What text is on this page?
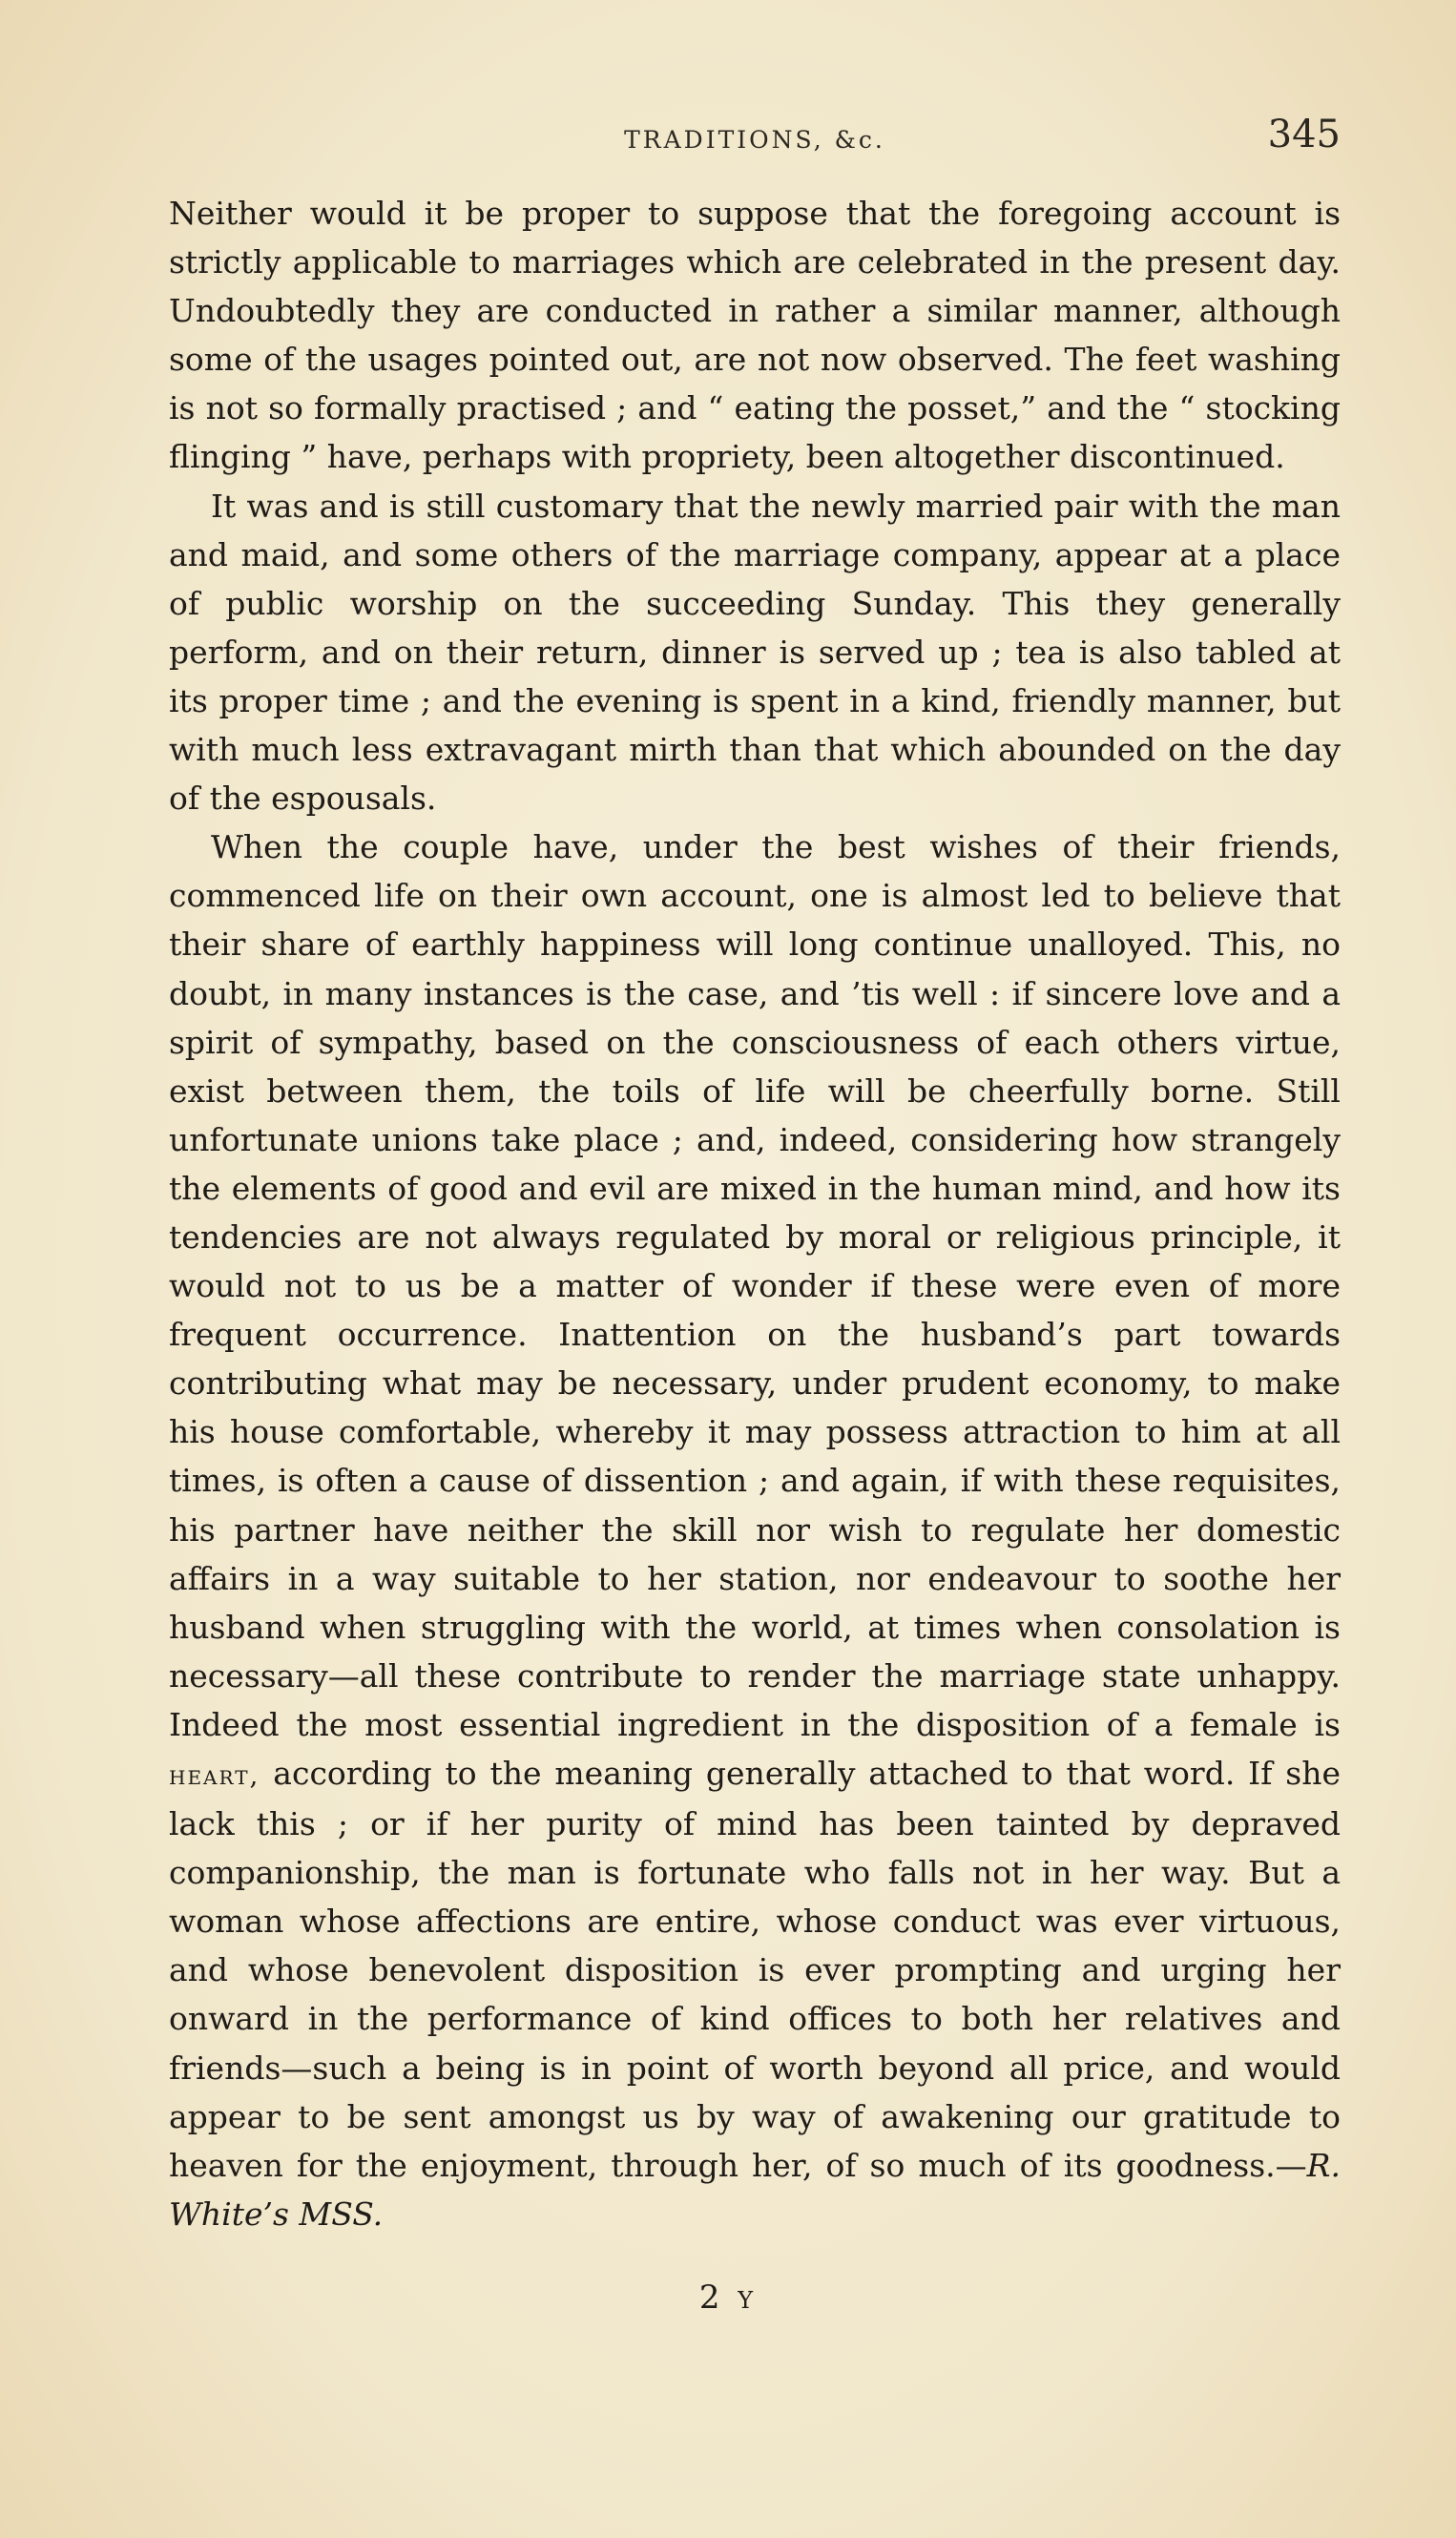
TRADITIONS, &c.	345

Neither would it be proper to suppose that the foregoing account is strictly applicable to marriages which are celebrated in the present day. Undoubtedly they are conducted in rather a similar manner, although some of the usages pointed out, are not now observed. The feet washing is not so formally practised ; and “ eating the posset,” and the “ stocking flinging ” have, perhaps with propriety, been altogether discontinued.

It was and is still customary that the newly married pair with the man and maid, and some others of the marriage company, appear at a place of public worship on the succeeding Sunday. This they generally perform, and on their return, dinner is served up ; tea is also tabled at its proper time ; and the evening is spent in a kind, friendly manner, but with much less extravagant mirth than that which abounded on the day of the espousals.

When the couple have, under the best wishes of their friends, commenced life on their own account, one is almost led to believe that their share of earthly happiness will long continue unalloyed. This, no doubt, in many instances is the case, and ’tis well : if sincere love and a spirit of sympathy, based on the consciousness of each others virtue, exist between them, the toils of life will be cheerfully borne. Still unfortunate unions take place ; and, indeed, considering how strangely the elements of good and evil are mixed in the human mind, and how its tendencies are not always regulated by moral or religious principle, it would not to us be a matter of wonder if these were even of more frequent occurrence. Inattention on the husband’s part towards contributing what may be necessary, under prudent economy, to make his house comfortable, whereby it may possess attraction to him at all times, is often a cause of dissention ; and again, if with these requisites, his partner have neither the skill nor wish to regulate her domestic affairs in a way suitable to her station, nor endeavour to soothe her husband when struggling with the world, at times when consolation is necessary—all these contribute to render the marriage state unhappy. Indeed the most essential ingredient in the disposition of a female is heart, according to the meaning generally attached to that word. If she lack this ; or if her purity of mind has been tainted by depraved companionship, the man is fortunate who falls not in her way. But a woman whose affections are entire, whose conduct was ever virtuous, and whose benevolent disposition is ever prompting and urging her onward in the performance of kind offices to both her relatives and friends—such a being is in point of worth beyond all price, and would appear to be sent amongst us by way of awakening our gratitude to heaven for the enjoyment, through her, of so much of its goodness.—R. White’s MSS.

2 Y
